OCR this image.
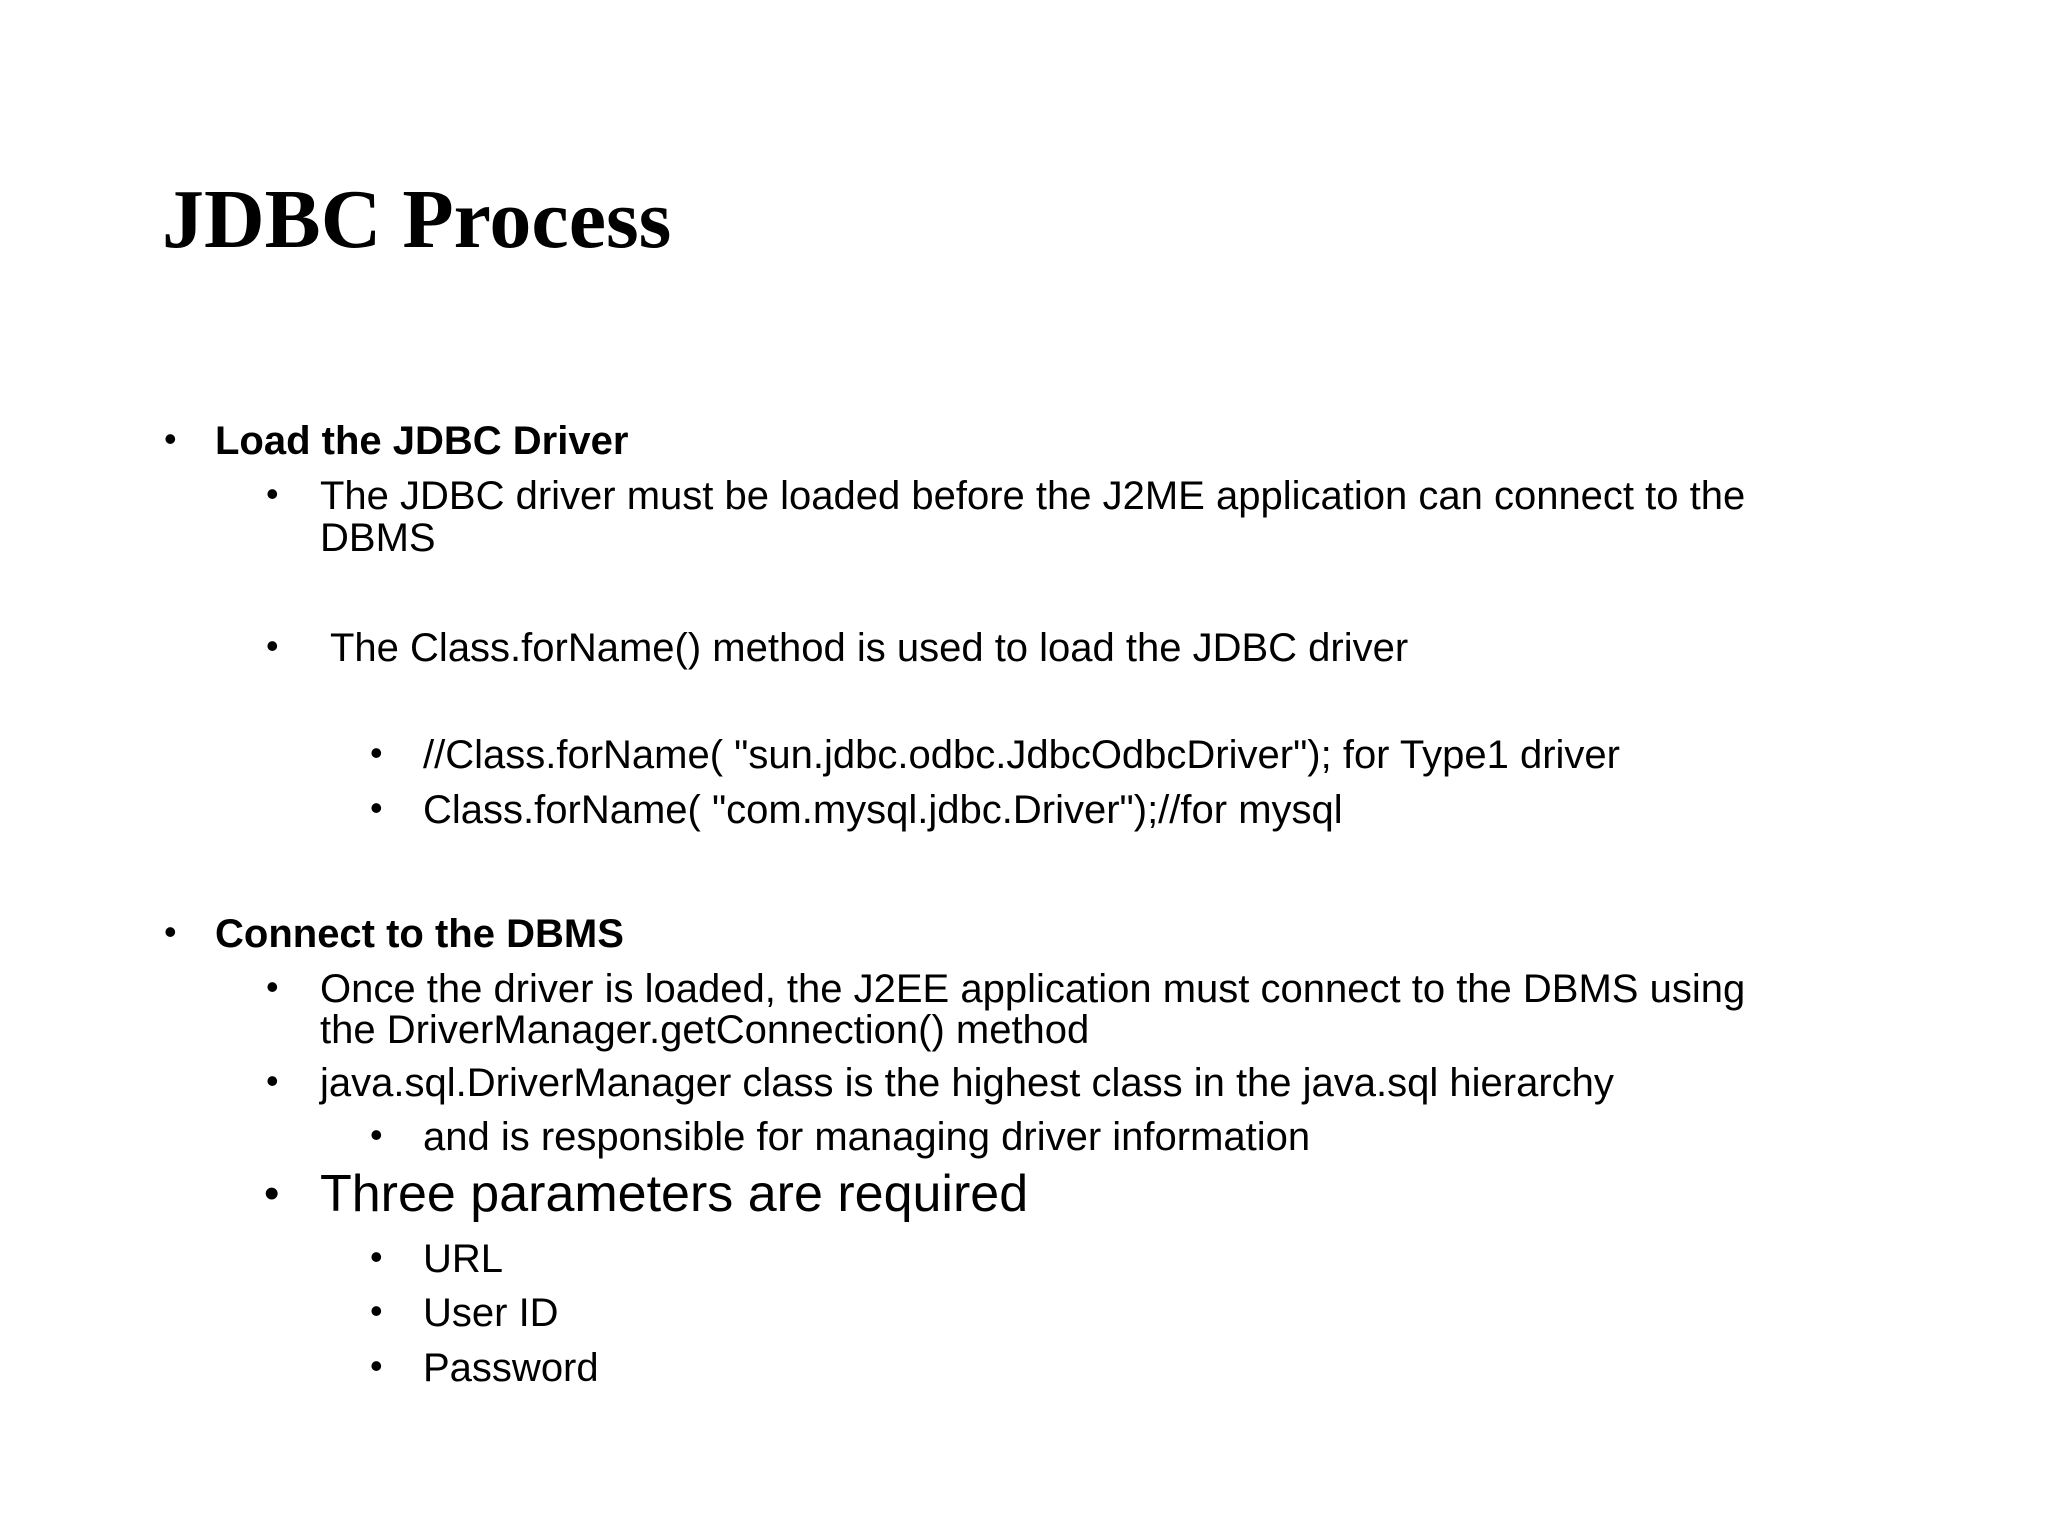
JDBC Process
• Load the JDBC Driver
• The JDBC driver must be loaded before the J2ME application can connect to the
DBMS
• The Class.forName() method is used to load the JDBC driver
• //Class.forName( "sun.jdbc.odbc.JdbcOdbcDriver"); for Type1 driver
• Class.forName( "com.mysql.jdbc.Driver");//for mysql
• Connect to the DBMS
• Once the driver is loaded, the J2EE application must connect to the DBMS using
the DriverManager.getConnection() method
• java.sql.DriverManager class is the highest class in the java.sql hierarchy
• and is responsible for managing driver information
• Three parameters are required
• URL
• User ID
• Password
